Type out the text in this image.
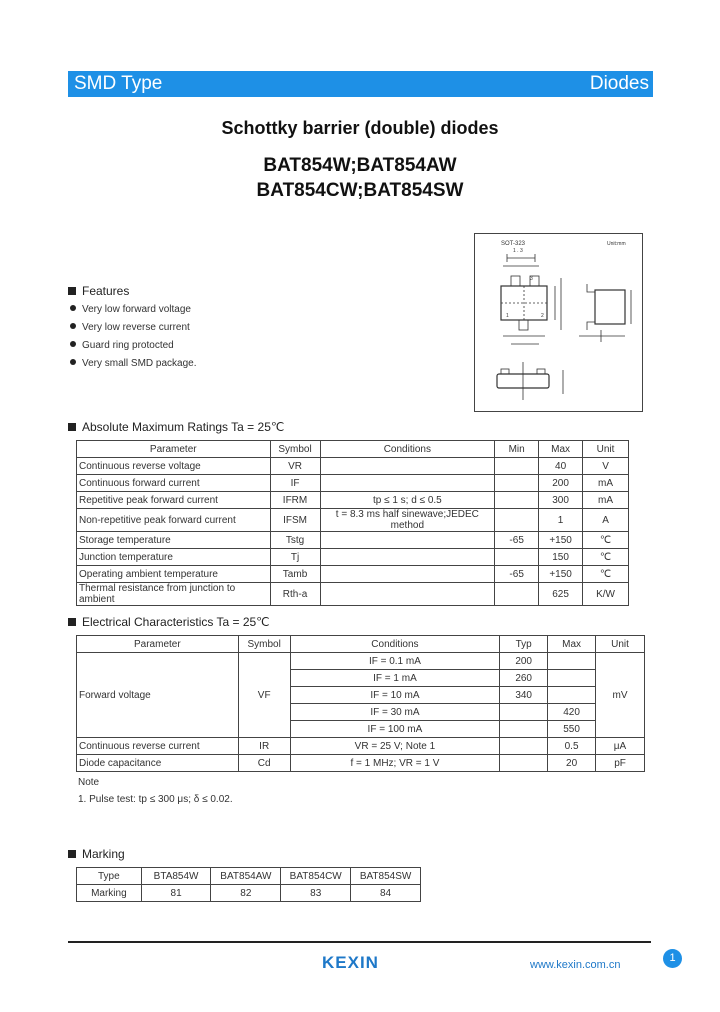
SMD Type	Diodes
Schottky barrier (double) diodes
BAT854W;BAT854AW
BAT854CW;BAT854SW
SOT-323	Unit:mm
1 . 3
1	2
3
Features
Very low forward voltage
Very low reverse current
Guard ring protocted
Very small SMD package.
Absolute Maximum Ratings Ta = 25℃
Parameter	Symbol	Conditions	Min	Max	Unit
Continuous reverse voltage	VR			40	V
Continuous forward current	IF			200	mA
Repetitive peak forward current	IFRM	tp ≤ 1 s; d ≤ 0.5		300	mA
Non-repetitive peak forward current	IFSM	t = 8.3 ms half sinewave;JEDEC method		1	A
Storage temperature	Tstg		-65	+150	℃
Junction temperature	Tj			150	℃
Operating ambient temperature	Tamb		-65	+150	℃
Thermal resistance from junction to ambient	Rth-a			625	K/W
Electrical Characteristics Ta = 25℃
Parameter	Symbol	Conditions	Typ	Max	Unit
Forward voltage	VF	IF = 0.1 mA	200		mV
		IF = 1 mA	260		
		IF = 10 mA	340		
		IF = 30 mA		420	
		IF = 100 mA		550	
Continuous reverse current	IR	VR = 25 V; Note 1		0.5	μA
Diode capacitance	Cd	f = 1 MHz; VR = 1 V		20	pF
Note
1. Pulse test: tp ≤ 300 μs; δ ≤ 0.02.
Marking
Type	BTA854W	BAT854AW	BAT854CW	BAT854SW
Marking	81	82	83	84
KEXIN	www.kexin.com.cn
1
